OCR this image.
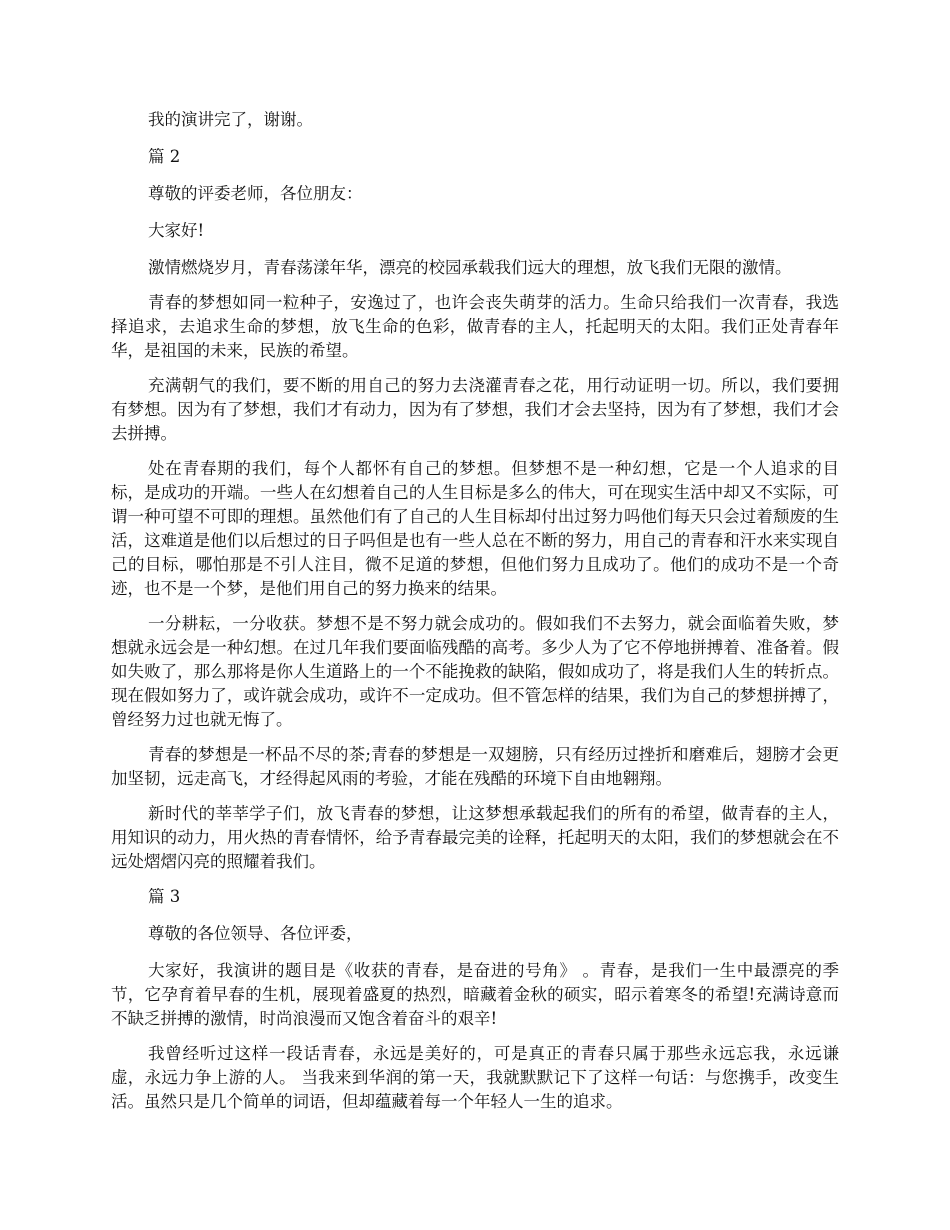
我的演讲完了，谢谢。

篇 2

尊敬的评委老师，各位朋友：

大家好!

激情燃烧岁月，青春荡漾年华，漂亮的校园承载我们远大的理想，放飞我们无限的激情。

青春的梦想如同一粒种子，安逸过了，也许会丧失萌芽的活力。生命只给我们一次青春，我选择追求，去追求生命的梦想，放飞生命的色彩，做青春的主人，托起明天的太阳。我们正处青春年华，是祖国的未来，民族的希望。

充满朝气的我们，要不断的用自己的努力去浇灌青春之花，用行动证明一切。所以，我们要拥有梦想。因为有了梦想，我们才有动力，因为有了梦想，我们才会去坚持，因为有了梦想，我们才会去拼搏。

处在青春期的我们，每个人都怀有自己的梦想。但梦想不是一种幻想，它是一个人追求的目标，是成功的开端。一些人在幻想着自己的人生目标是多么的伟大，可在现实生活中却又不实际，可谓一种可望不可即的理想。虽然他们有了自己的人生目标却付出过努力吗他们每天只会过着颓废的生活，这难道是他们以后想过的日子吗但是也有一些人总在不断的努力，用自己的青春和汗水来实现自己的目标，哪怕那是不引人注目，微不足道的梦想，但他们努力且成功了。他们的成功不是一个奇迹，也不是一个梦，是他们用自己的努力换来的结果。

一分耕耘，一分收获。梦想不是不努力就会成功的。假如我们不去努力，就会面临着失败，梦想就永远会是一种幻想。在过几年我们要面临残酷的高考。多少人为了它不停地拼搏着、准备着。假如失败了，那么那将是你人生道路上的一个不能挽救的缺陷，假如成功了，将是我们人生的转折点。现在假如努力了，或许就会成功，或许不一定成功。但不管怎样的结果，我们为自己的梦想拼搏了，曾经努力过也就无悔了。

青春的梦想是一杯品不尽的茶;青春的梦想是一双翅膀，只有经历过挫折和磨难后，翅膀才会更加坚韧，远走高飞，才经得起风雨的考验，才能在残酷的环境下自由地翱翔。

新时代的莘莘学子们，放飞青春的梦想，让这梦想承载起我们的所有的希望，做青春的主人，用知识的动力，用火热的青春情怀，给予青春最完美的诠释，托起明天的太阳，我们的梦想就会在不远处熠熠闪亮的照耀着我们。

篇 3

尊敬的各位领导、各位评委，

大家好，我演讲的题目是《收获的青春，是奋进的号角》 。青春，是我们一生中最漂亮的季节，它孕育着早春的生机，展现着盛夏的热烈，暗藏着金秋的硕实，昭示着寒冬的希望!充满诗意而不缺乏拼搏的激情，时尚浪漫而又饱含着奋斗的艰辛!

我曾经听过这样一段话青春，永远是美好的，可是真正的青春只属于那些永远忘我，永远谦虚，永远力争上游的人。 当我来到华润的第一天，我就默默记下了这样一句话：与您携手，改变生活。虽然只是几个简单的词语，但却蕴藏着每一个年轻人一生的追求。
